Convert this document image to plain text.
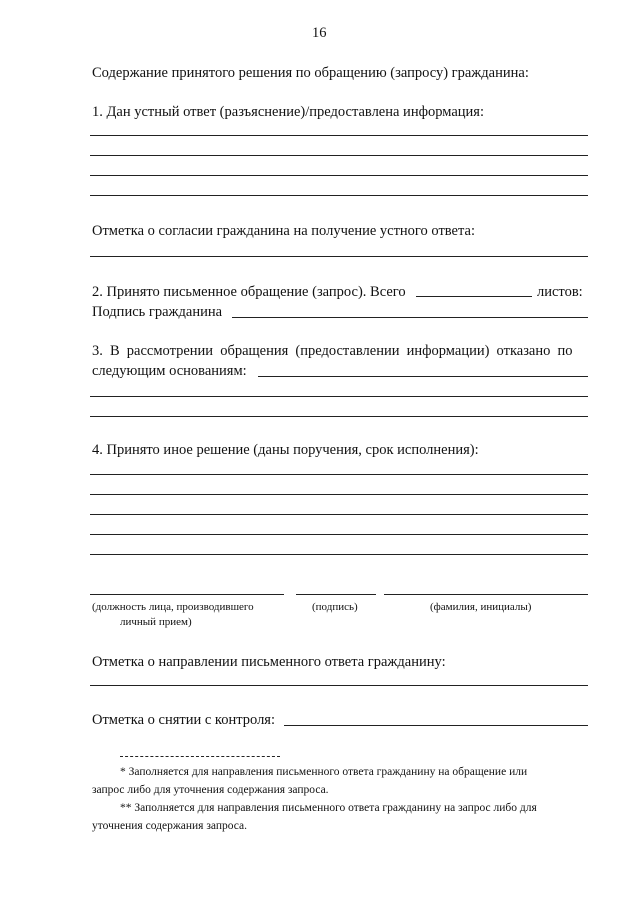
16
Содержание принятого решения по обращению (запросу) гражданина:
1. Дан устный ответ (разъяснение)/предоставлена информация:
Отметка о согласии гражданина на получение устного ответа:
2. Принято письменное обращение (запрос). Всего	листов:
Подпись гражданина
3. В рассмотрении обращения (предоставлении информации) отказано по
следующим основаниям:
4. Принято иное решение (даны поручения, срок исполнения):
(должность лица, производившего
личный прием)
(подпись)	(фамилия, инициалы)
Отметка о направлении письменного ответа гражданину:
Отметка о снятии с контроля:
* Заполняется для направления письменного ответа гражданину на обращение или
запрос либо для уточнения содержания запроса.
** Заполняется для направления письменного ответа гражданину на запрос либо для
уточнения содержания запроса.
